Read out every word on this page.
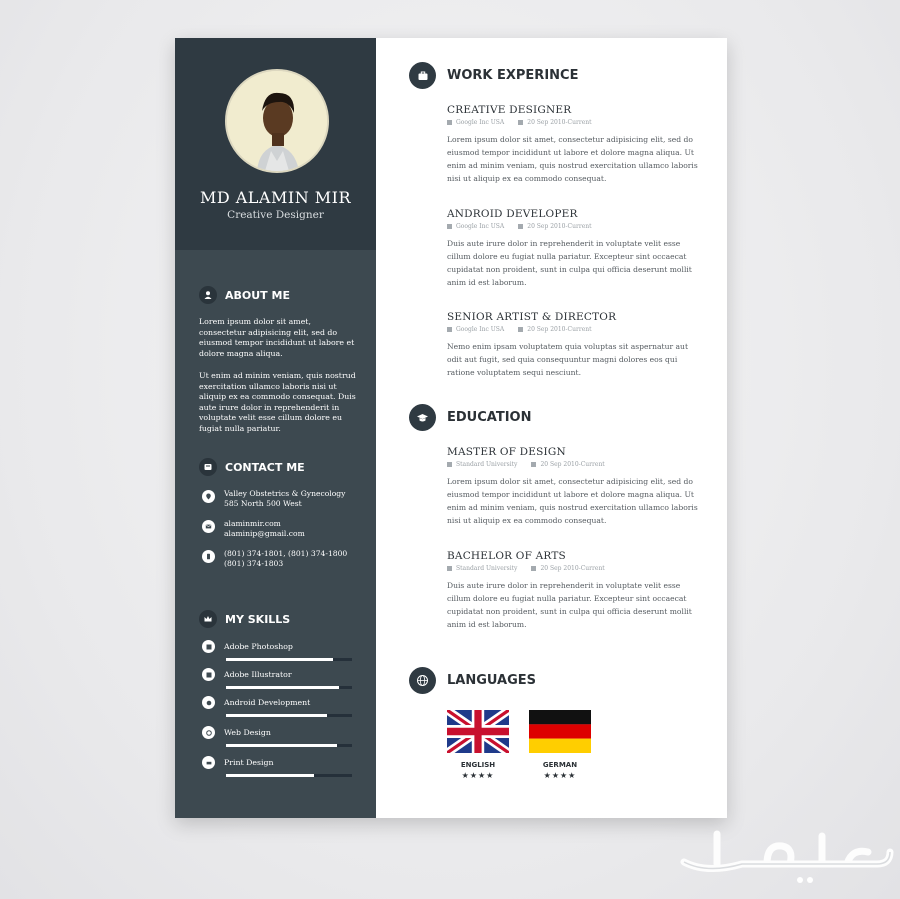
MD ALAMIN MIR
Creative Designer
ABOUT ME
Lorem ipsum dolor sit amet, consectetur adipisicing elit, sed do eiusmod tempor incididunt ut labore et dolore magna aliqua.
Ut enim ad minim veniam, quis nostrud exercitation ullamco laboris nisi ut aliquip ex ea commodo consequat. Duis aute irure dolor in reprehenderit in voluptate velit esse cillum dolore eu fugiat nulla pariatur.
CONTACT ME
Valley Obstetrics & Gynecology
585 North 500 West
alaminmir.com
alaminip@gmail.com
(801) 374-1801, (801) 374-1800
(801) 374-1803
MY SKILLS
Adobe Photoshop
Adobe Illustrator
Android Development
Web Design
Print Design
WORK EXPERINCE
CREATIVE DESIGNER
Google Inc USA	20 Sep 2010-Current
Lorem ipsum dolor sit amet, consectetur adipisicing elit, sed do eiusmod tempor incididunt ut labore et dolore magna aliqua. Ut enim ad minim veniam, quis nostrud exercitation ullamco laboris nisi ut aliquip ex ea commodo consequat.
ANDROID DEVELOPER
Google Inc USA	20 Sep 2010-Current
Duis aute irure dolor in reprehenderit in voluptate velit esse cillum dolore eu fugiat nulla pariatur. Excepteur sint occaecat cupidatat non proident, sunt in culpa qui officia deserunt mollit anim id est laborum.
SENIOR ARTIST & DIRECTOR
Google Inc USA	20 Sep 2010-Current
Nemo enim ipsam voluptatem quia voluptas sit aspernatur aut odit aut fugit, sed quia consequuntur magni dolores eos qui ratione voluptatem sequi nesciunt.
EDUCATION
MASTER OF DESIGN
Standard University	20 Sep 2010-Current
Lorem ipsum dolor sit amet, consectetur adipisicing elit, sed do eiusmod tempor incididunt ut labore et dolore magna aliqua. Ut enim ad minim veniam, quis nostrud exercitation ullamco laboris nisi ut aliquip ex ea commodo consequat.
BACHELOR OF ARTS
Standard University	20 Sep 2010-Current
Duis aute irure dolor in reprehenderit in voluptate velit esse cillum dolore eu fugiat nulla pariatur. Excepteur sint occaecat cupidatat non proident, sunt in culpa qui officia deserunt mollit anim id est laborum.
LANGUAGES
ENGLISH
★★★★
GERMAN
★★★★
